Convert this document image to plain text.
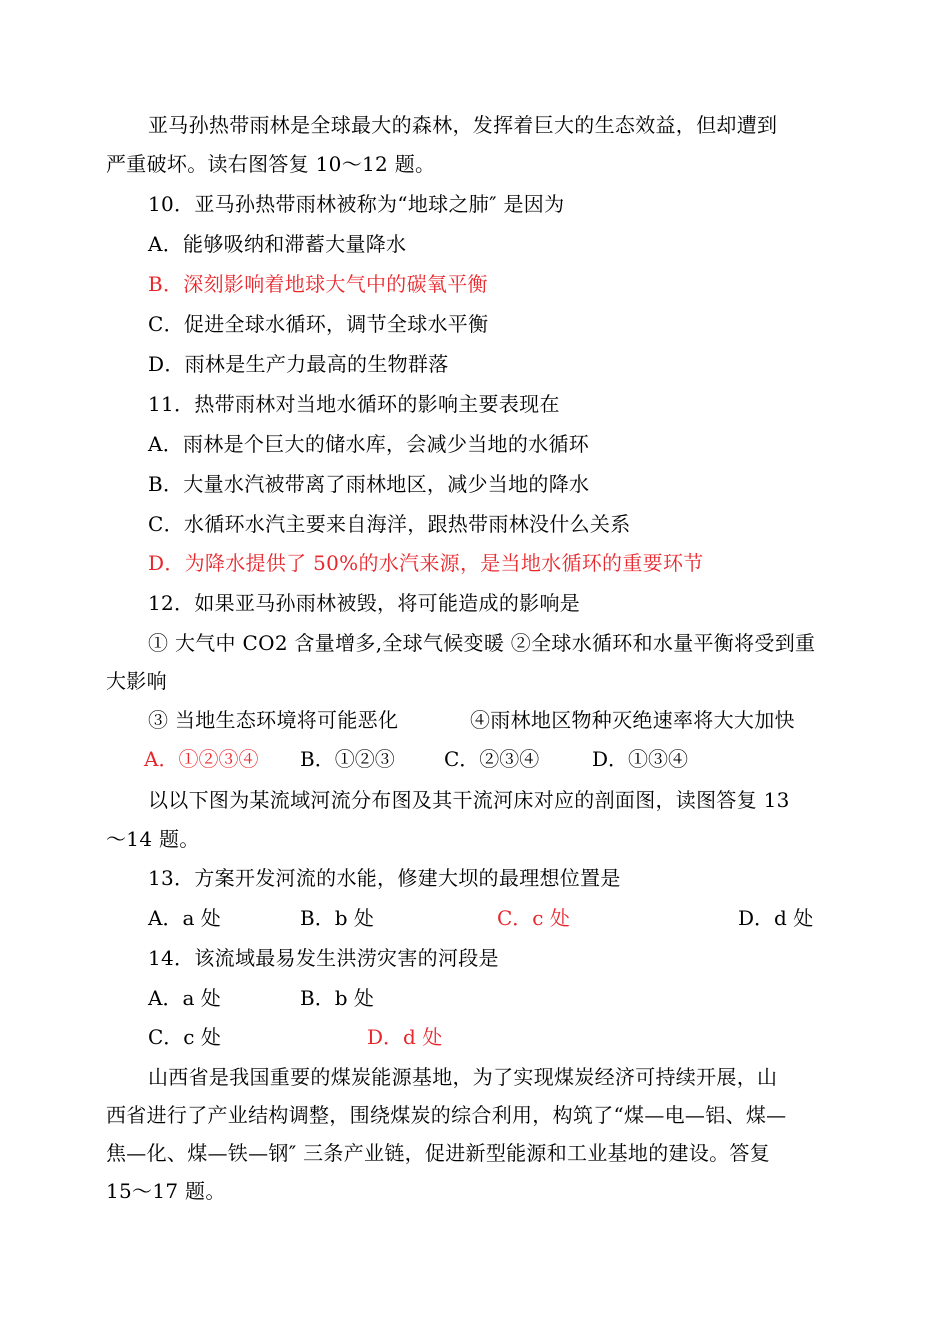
亚马孙热带雨林是全球最大的森林，发挥着巨大的生态效益，但却遭到
严重破坏。读右图答复 10～12 题。
10．亚马孙热带雨林被称为“地球之肺″ 是因为
A．能够吸纳和滞蓄大量降水
B．深刻影响着地球大气中的碳氧平衡
C．促进全球水循环，调节全球水平衡
D．雨林是生产力最高的生物群落
11．热带雨林对当地水循环的影响主要表现在
A．雨林是个巨大的储水库，会减少当地的水循环
B．大量水汽被带离了雨林地区，减少当地的降水
C．水循环水汽主要来自海洋，跟热带雨林没什么关系
D．为降水提供了 50%的水汽来源，是当地水循环的重要环节
12．如果亚马孙雨林被毁，将可能造成的影响是
① 大气中 CO2 含量增多,全球气候变暖 ②全球水循环和水量平衡将受到重
大影响
③ 当地生态环境将可能恶化	④雨林地区物种灭绝速率将大大加快
A．①②③④ B．①②③ C．②③④	D．①③④
以以下图为某流域河流分布图及其干流河床对应的剖面图，读图答复 13
～14 题。
13．方案开发河流的水能，修建大坝的最理想位置是
A．a 处	B．b 处	C．c 处	D．d 处
14．该流域最易发生洪涝灾害的河段是
A．a 处	B．b 处
C．c 处	D．d 处
山西省是我国重要的煤炭能源基地，为了实现煤炭经济可持续开展，山
西省进行了产业结构调整，围绕煤炭的综合利用，构筑了“煤—电—铝、煤—
焦—化、煤—铁—钢″ 三条产业链，促进新型能源和工业基地的建设。答复
15～17 题。
